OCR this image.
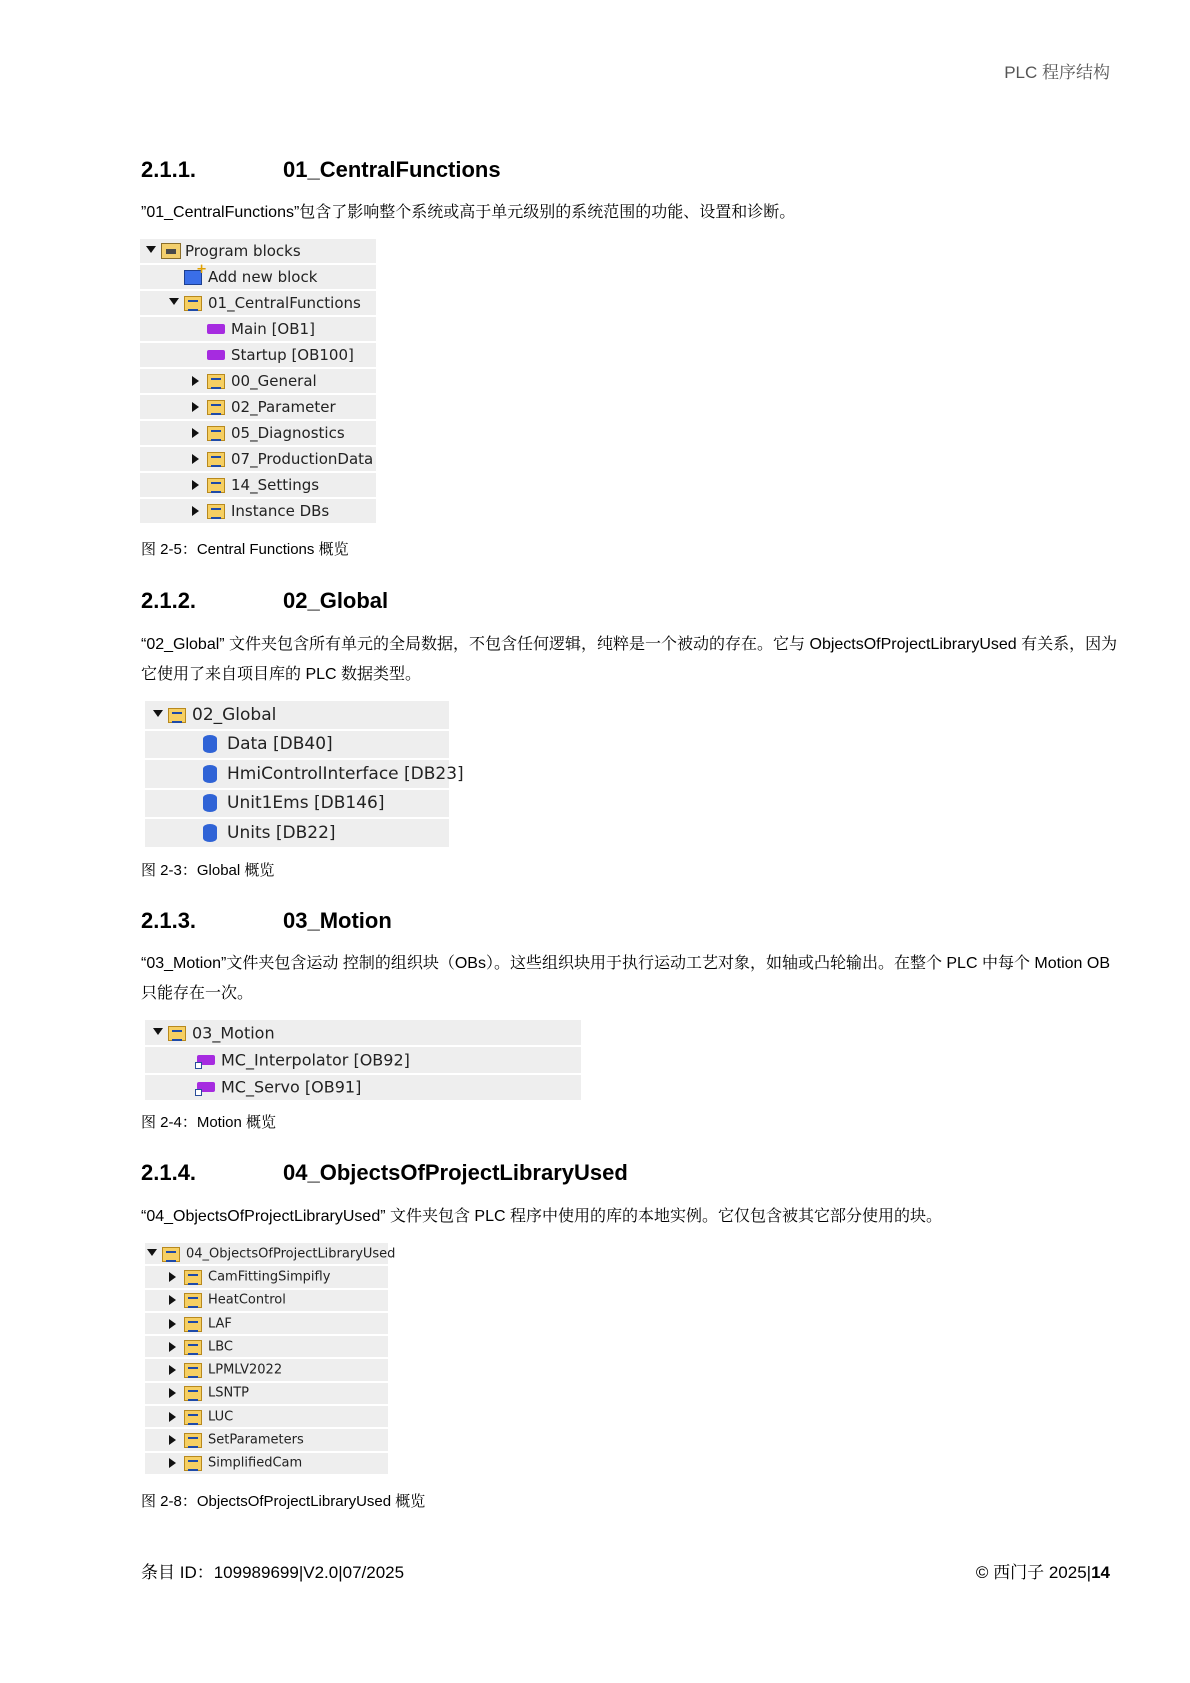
PLC 程序结构
2.1.1.	01_CentralFunctions
”01_CentralFunctions”包含了影响整个系统或高于单元级别的系统范围的功能、设置和诊断。
Program blocks
+
Add new block
01_CentralFunctions
Main [OB1]
Startup [OB100]
00_General
02_Parameter
05_Diagnostics
07_ProductionData
14_Settings
Instance DBs
图 2-5：Central Functions 概览
2.1.2.	02_Global
“02_Global” 文件夹包含所有单元的全局数据，不包含任何逻辑，纯粹是一个被动的存在。它与 ObjectsOfProjectLibraryUsed 有关系，因为它使用了来自项目库的 PLC 数据类型。
02_Global
Data [DB40]
HmiControlInterface [DB23]
Unit1Ems [DB146]
Units [DB22]
图 2-3：Global 概览
2.1.3.	03_Motion
“03_Motion”文件夹包含运动 控制的组织块（OBs）。这些组织块用于执行运动工艺对象，如轴或凸轮输出。在整个 PLC 中每个 Motion OB 只能存在一次。
03_Motion
MC_Interpolator [OB92]
MC_Servo [OB91]
图 2-4：Motion 概览
2.1.4.	04_ObjectsOfProjectLibraryUsed
“04_ObjectsOfProjectLibraryUsed” 文件夹包含 PLC 程序中使用的库的本地实例。它仅包含被其它部分使用的块。
04_ObjectsOfProjectLibraryUsed
CamFittingSimpifly
HeatControl
LAF
LBC
LPMLV2022
LSNTP
LUC
SetParameters
SimplifiedCam
图 2-8：ObjectsOfProjectLibraryUsed 概览
条目 ID：109989699|V2.0|07/2025	© 西门子 2025|14
